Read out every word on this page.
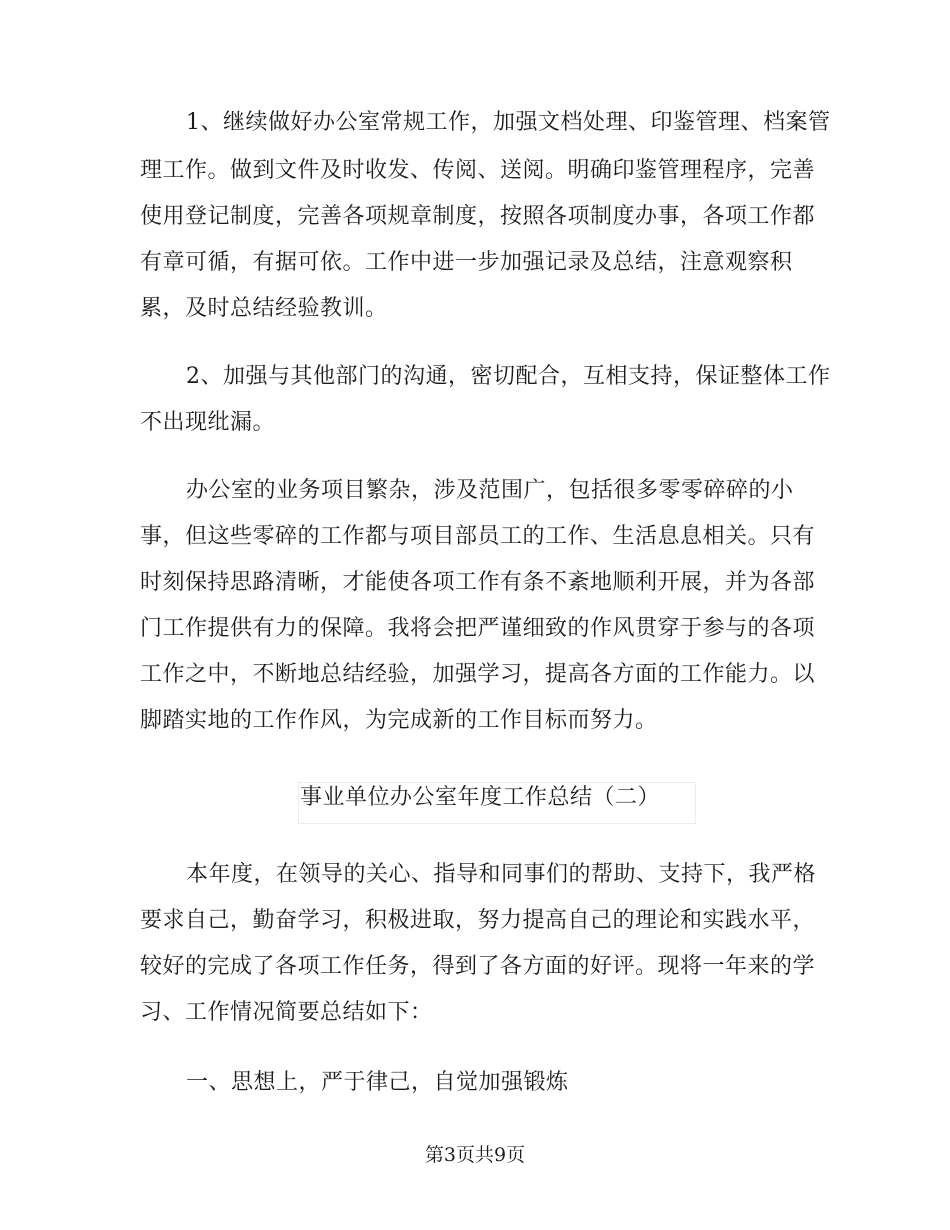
1、继续做好办公室常规工作，加强文档处理、印鉴管理、档案管
理工作。做到文件及时收发、传阅、送阅。明确印鉴管理程序，完善
使用登记制度，完善各项规章制度，按照各项制度办事，各项工作都
有章可循，有据可依。工作中进一步加强记录及总结，注意观察积
累，及时总结经验教训。
2、加强与其他部门的沟通，密切配合，互相支持，保证整体工作
不出现纰漏。
办公室的业务项目繁杂，涉及范围广，包括很多零零碎碎的小
事，但这些零碎的工作都与项目部员工的工作、生活息息相关。只有
时刻保持思路清晰，才能使各项工作有条不紊地顺利开展，并为各部
门工作提供有力的保障。我将会把严谨细致的作风贯穿于参与的各项
工作之中，不断地总结经验，加强学习，提高各方面的工作能力。以
脚踏实地的工作作风，为完成新的工作目标而努力。
事业单位办公室年度工作总结（二）
本年度，在领导的关心、指导和同事们的帮助、支持下，我严格
要求自己，勤奋学习，积极进取，努力提高自己的理论和实践水平，
较好的完成了各项工作任务，得到了各方面的好评。现将一年来的学
习、工作情况简要总结如下：
一、思想上，严于律己，自觉加强锻炼
第3页共9页
